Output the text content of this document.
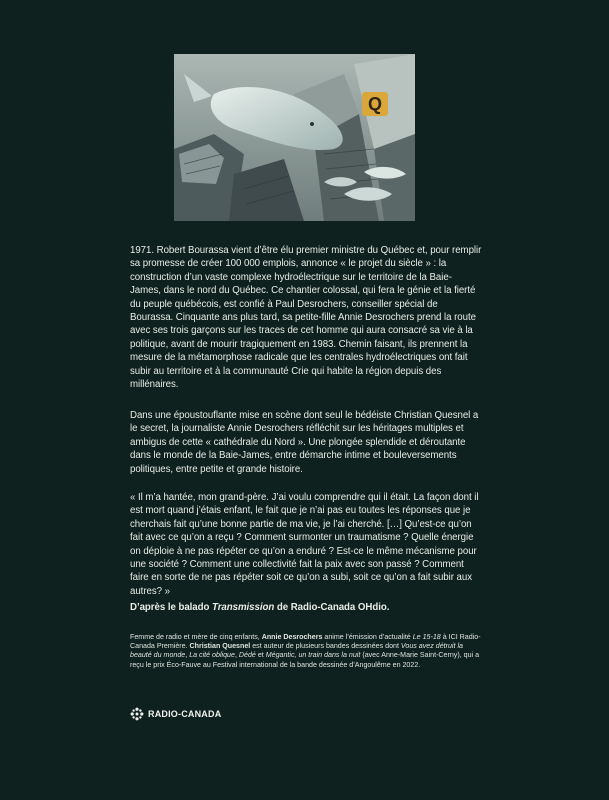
Q

1971. Robert Bourassa vient d’être élu premier ministre du Québec et, pour remplir sa promesse de créer 100 000 emplois, annonce « le projet du siècle » : la construction d’un vaste complexe hydroélectrique sur le territoire de la Baie-James, dans le nord du Québec. Ce chantier colossal, qui fera le génie et la fierté du peuple québécois, est confié à Paul Desrochers, conseiller spécial de Bourassa. Cinquante ans plus tard, sa petite-fille Annie Desrochers prend la route avec ses trois garçons sur les traces de cet homme qui aura consacré sa vie à la politique, avant de mourir tragiquement en 1983. Chemin faisant, ils prennent la mesure de la métamorphose radicale que les centrales hydroélectriques ont fait subir au territoire et à la communauté Crie qui habite la région depuis des millénaires.

Dans une époustouflante mise en scène dont seul le bédéiste Christian Quesnel a le secret, la journaliste Annie Desrochers réfléchit sur les héritages multiples et ambigus de cette « cathédrale du Nord ». Une plongée splendide et déroutante dans le monde de la Baie-James, entre démarche intime et bouleversements politiques, entre petite et grande histoire.

« Il m’a hantée, mon grand-père. J’ai voulu comprendre qui il était. La façon dont il est mort quand j’étais enfant, le fait que je n’ai pas eu toutes les réponses que je cherchais fait qu’une bonne partie de ma vie, je l’ai cherché. […] Qu’est-ce qu’on fait avec ce qu’on a reçu ? Comment surmonter un traumatisme ? Quelle énergie on déploie à ne pas répéter ce qu’on a enduré ? Est-ce le même mécanisme pour une société ? Comment une collectivité fait la paix avec son passé ? Comment faire en sorte de ne pas répéter soit ce qu’on a subi, soit ce qu’on a fait subir aux autres? »

D’après le balado Transmission de Radio-Canada OHdio.

Femme de radio et mère de cinq enfants, Annie Desrochers anime l’émission d’actualité Le 15-18 à ICI Radio-Canada Première. Christian Quesnel est auteur de plusieurs bandes dessinées dont Vous avez détruit la beauté du monde, La cité oblique, Dédé et Mégantic, un train dans la nuit (avec Anne-Marie Saint-Cerny), qui a reçu le prix Éco-Fauve au Festival international de la bande dessinée d’Angoulême en 2022.

RADIO-CANADA
